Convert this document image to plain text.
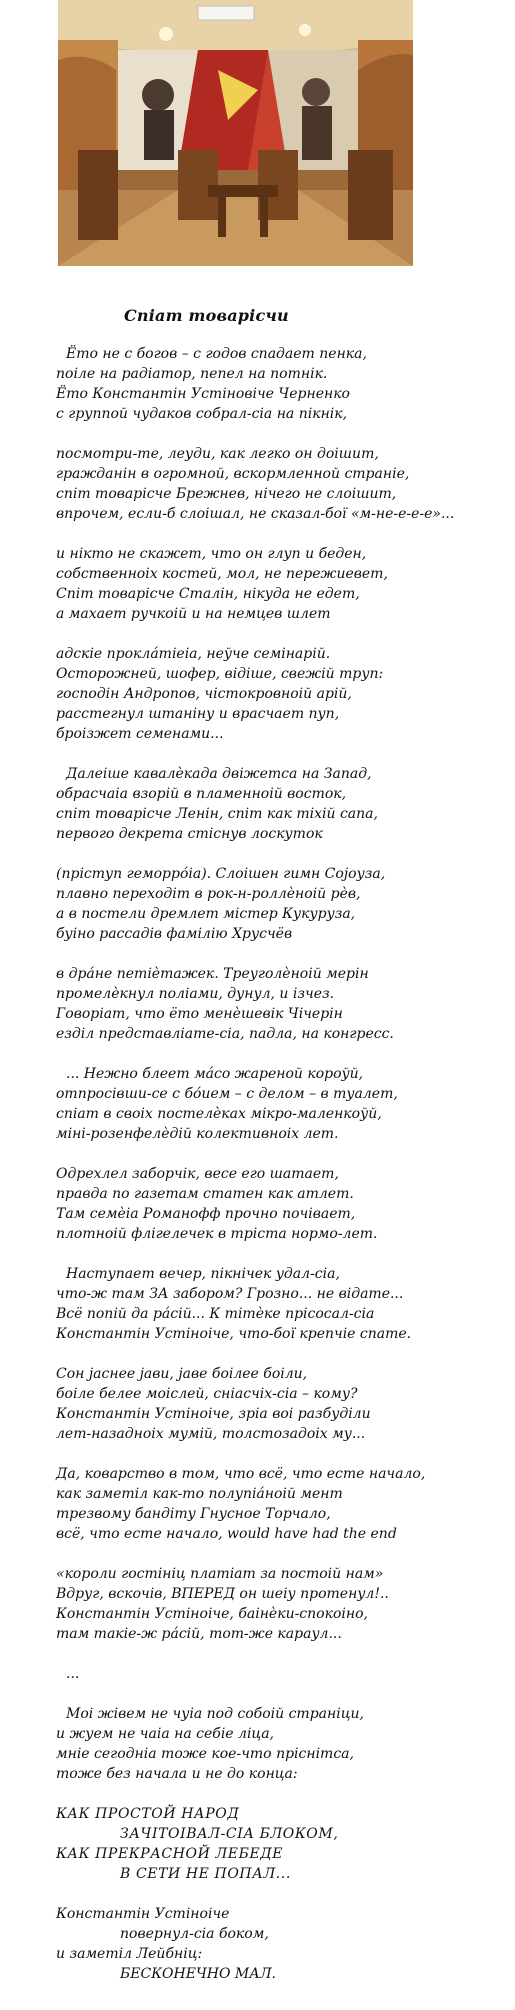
Спіат товарісчи
Ёто не с богов – с годов спадает пенка,
поіле на радіатор, пепел на потнік.
Ёто Константін Устіновіче Черненко
с группой чудаков собрал-сіа на пікнік,
посмотри-те, леуди, как легко он доішит,
гражданін в огромной, вскормленной страніе,
спіт товарісче Брежнев, нічего не слоішит,
впрочем, если-б слоішал, не сказал-бої «м-не-е-е-е»...
и нікто не скажет, что он глуп и беден,
собственноіх костей, мол, не пережиевет,
Спіт товарісче Сталін, нікуда не едет,
а махает ручкоій и на немцев шлет
адскіе проклáтіеіа, неўче семінарій.
Осторожней, шофер, відіше, свежій труп:
господін Андропов, чістокровноій арій,
расстегнул штаніну и врасчает пуп,
броізжет семенами...
Далеіше кавалèкада двіжетса на Запад,
обрасчаіа взорій в пламенноій восток,
спіт товарісче Ленін, спіт как тіхій сапа,
первого декрета стіснув лоскуток
(пріступ геморрóіа). Слоішен гимн Сојоуза,
плавно переходіт в рок-н-роллèноій рѐв,
а в постели дремлет містер Кукуруза,
буіно рассадів фамілію Хрусчёв
в дрáне петіѐтажек. Треуголèноій мерін
промелèкнул поліами, дунул, и ізчез.
Говоріат, что ёто менèшевік Чічерін
езділ представліате-сіа, падла, на конгресс.
... Нежно блеет мáсо жареной короўй,
отпросівши-се с бóием – с делом – в туалет,
спіат в своіх постелèках мікро-маленкоўй,
міні-розенфелèдій колективноіх лет.
Одрехлел заборчік, весе его шатает,
правда по газетам статен как атлет.
Там семèіа Романофф прочно почівает,
плотноій флігелечек в тріста нормо-лет.
Наступает вечер, пікнічек удал-сіа,
что-ж там ЗА забором? Грозно... не відате...
Всё попій да рáсій... К тітèке прісосал-сіа
Константін Устіноіче, что-бої крепчіе спате.
Сон јаснее јави, јаве боілее боіли,
боіле белее моіслей, сніасчіх-сіа – кому?
Константін Устіноіче, зріа воі разбуділи
лет-назадноіх мумій, толстозадоіх му...
Да, коварство в том, что всё, что есте начало,
как заметіл как-то полупіáноій мент
трезвому бандіту Гнусное Торчало,
всё, что есте начало, would have had the end
«короли гостініц платіат за постоій нам»
Вдруг, вскочів, ВПЕРЕД он шеіу протенул!..
Константін Устіноіче, баінèки-спокоіно,
там такіе-ж рáсій, тот-же караул...
...
Моі жівем не чуіа под собоій страніци,
и жуем не чаіа на себіе ліца,
мніе сегодніа тоже кое-что пріснітса,
тоже без начала и не до конца:
КАК ПРОСТОЙ НАРОД
ЗАЧІТОІВАЛ-СІА БЛОКОМ,
КАК ПРЕКРАСНОЙ ЛЕБЕДЕ
В СЕТИ НЕ ПОПАЛ...
Константін Устіноіче
повернул-сіа боком,
и заметіл Лейбніц:
БЕСКОНЕЧНО МАЛ.
